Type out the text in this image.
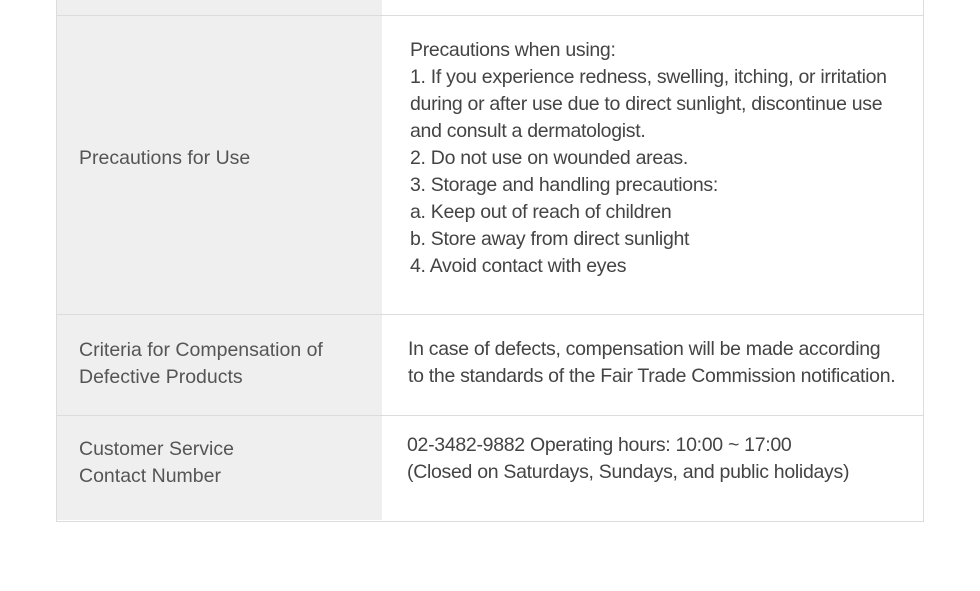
Precautions for Use
Precautions when using:
1. If you experience redness, swelling, itching, or irritation
during or after use due to direct sunlight, discontinue use
and consult a dermatologist.
2. Do not use on wounded areas.
3. Storage and handling precautions:
a. Keep out of reach of children
b. Store away from direct sunlight
4. Avoid contact with eyes
Criteria for Compensation of
Defective Products
In case of defects, compensation will be made according
to the standards of the Fair Trade Commission notification.
Customer Service
Contact Number
02-3482-9882 Operating hours: 10:00 ~ 17:00
(Closed on Saturdays, Sundays, and public holidays)
